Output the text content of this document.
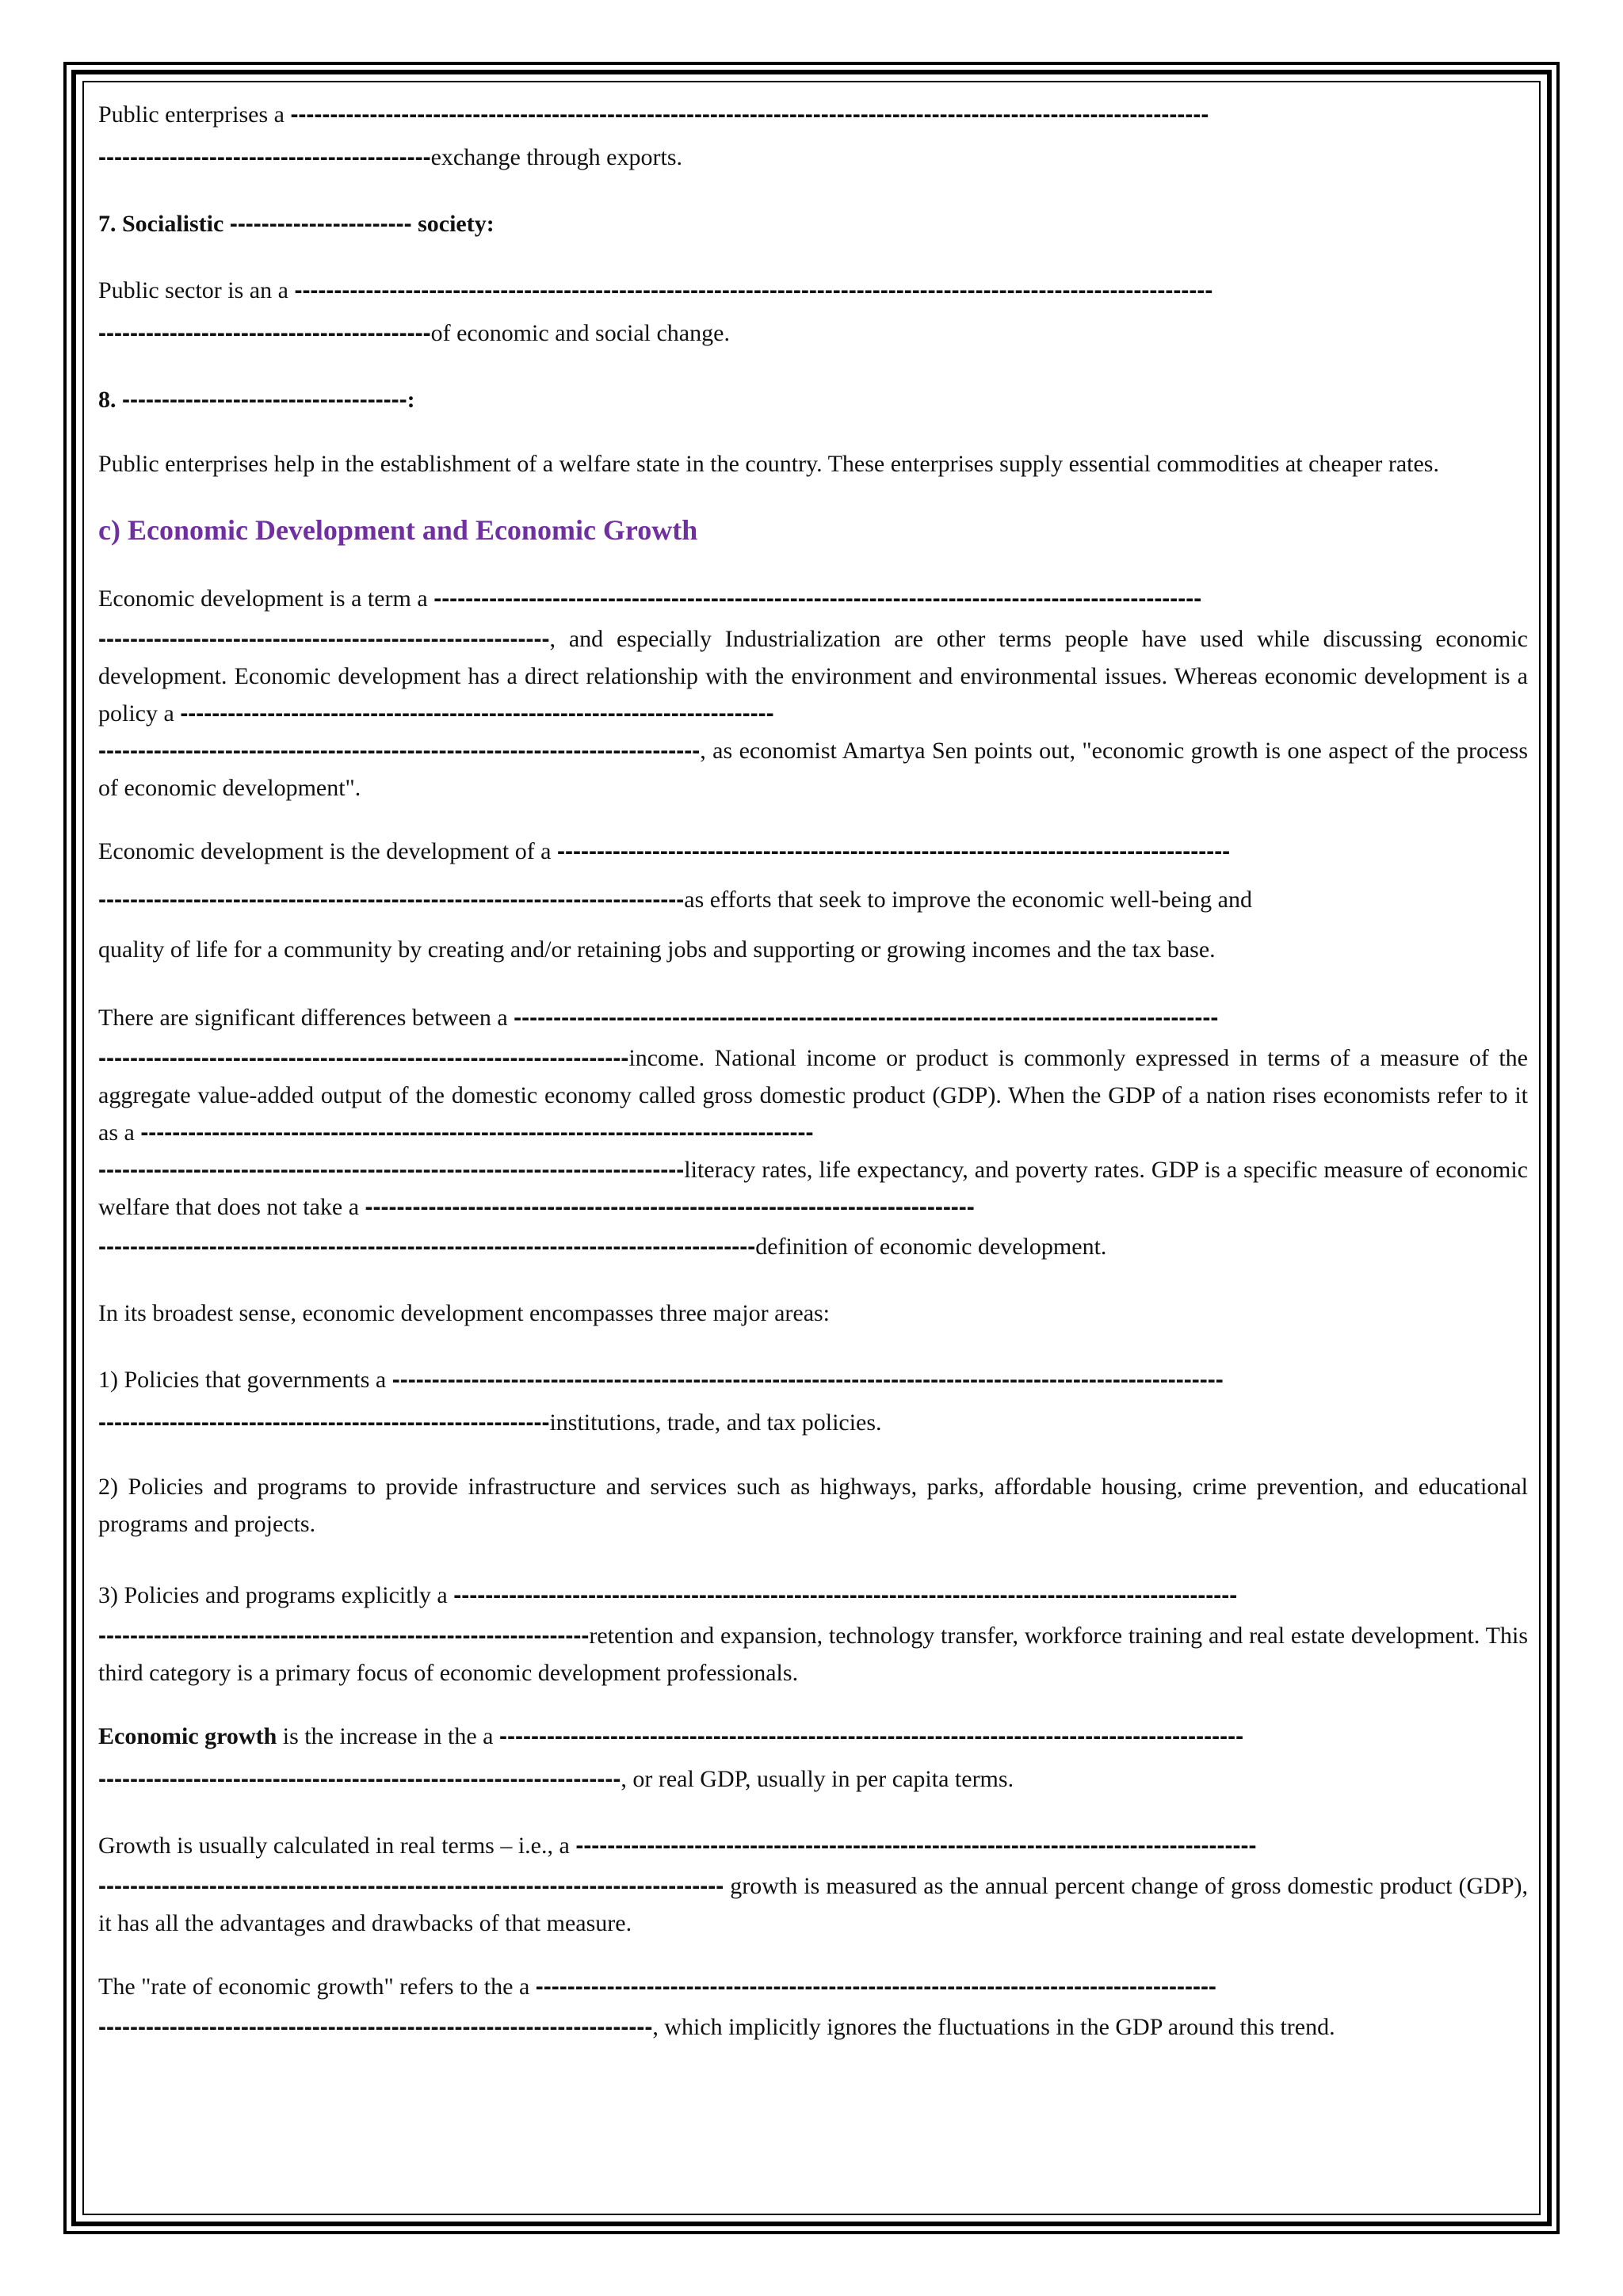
Public enterprises a --------------------------------------------------------------------------------------------------------------------
------------------------------------------exchange through exports.
7. Socialistic ----------------------- society:
Public sector is an a --------------------------------------------------------------------------------------------------------------------
------------------------------------------of economic and social change.
8. ------------------------------------:
Public enterprises help in the establishment of a welfare state in the country. These enterprises supply essential commodities at cheaper rates.
c) Economic Development and Economic Growth
Economic development is a term a -------------------------------------------------------------------------------------------------
---------------------------------------------------------, and especially Industrialization are other terms people have used while discussing economic development. Economic development has a direct relationship with the environment and environmental issues. Whereas economic development is a policy a ---------------------------------------------------------------------------
----------------------------------------------------------------------------, as economist Amartya Sen points out, "economic growth is one aspect of the process of economic development".
Economic development is the development of a -------------------------------------------------------------------------------------
--------------------------------------------------------------------------as efforts that seek to improve the economic well-being and
quality of life for a community by creating and/or retaining jobs and supporting or growing incomes and the tax base.
There are significant differences between a -----------------------------------------------------------------------------------------
-------------------------------------------------------------------income. National income or product is commonly expressed in terms of a measure of the aggregate value-added output of the domestic economy called gross domestic product (GDP). When the GDP of a nation rises economists refer to it as a -------------------------------------------------------------------------------------
--------------------------------------------------------------------------literacy rates, life expectancy, and poverty rates. GDP is a specific measure of economic welfare that does not take a -----------------------------------------------------------------------------
-----------------------------------------------------------------------------------definition of economic development.
In its broadest sense, economic development encompasses three major areas:
1) Policies that governments a ---------------------------------------------------------------------------------------------------------
---------------------------------------------------------institutions, trade, and tax policies.
2) Policies and programs to provide infrastructure and services such as highways, parks, affordable housing, crime prevention, and educational programs and projects.
3) Policies and programs explicitly a ---------------------------------------------------------------------------------------------------
--------------------------------------------------------------retention and expansion, technology transfer, workforce training and real estate development. This third category is a primary focus of economic development professionals.
Economic growth is the increase in the a ----------------------------------------------------------------------------------------------
------------------------------------------------------------------, or real GDP, usually in per capita terms.
Growth is usually calculated in real terms – i.e., a --------------------------------------------------------------------------------------
------------------------------------------------------------------------------- growth is measured as the annual percent change of gross domestic product (GDP), it has all the advantages and drawbacks of that measure.
The "rate of economic growth" refers to the a --------------------------------------------------------------------------------------
----------------------------------------------------------------------, which implicitly ignores the fluctuations in the GDP around this trend.
